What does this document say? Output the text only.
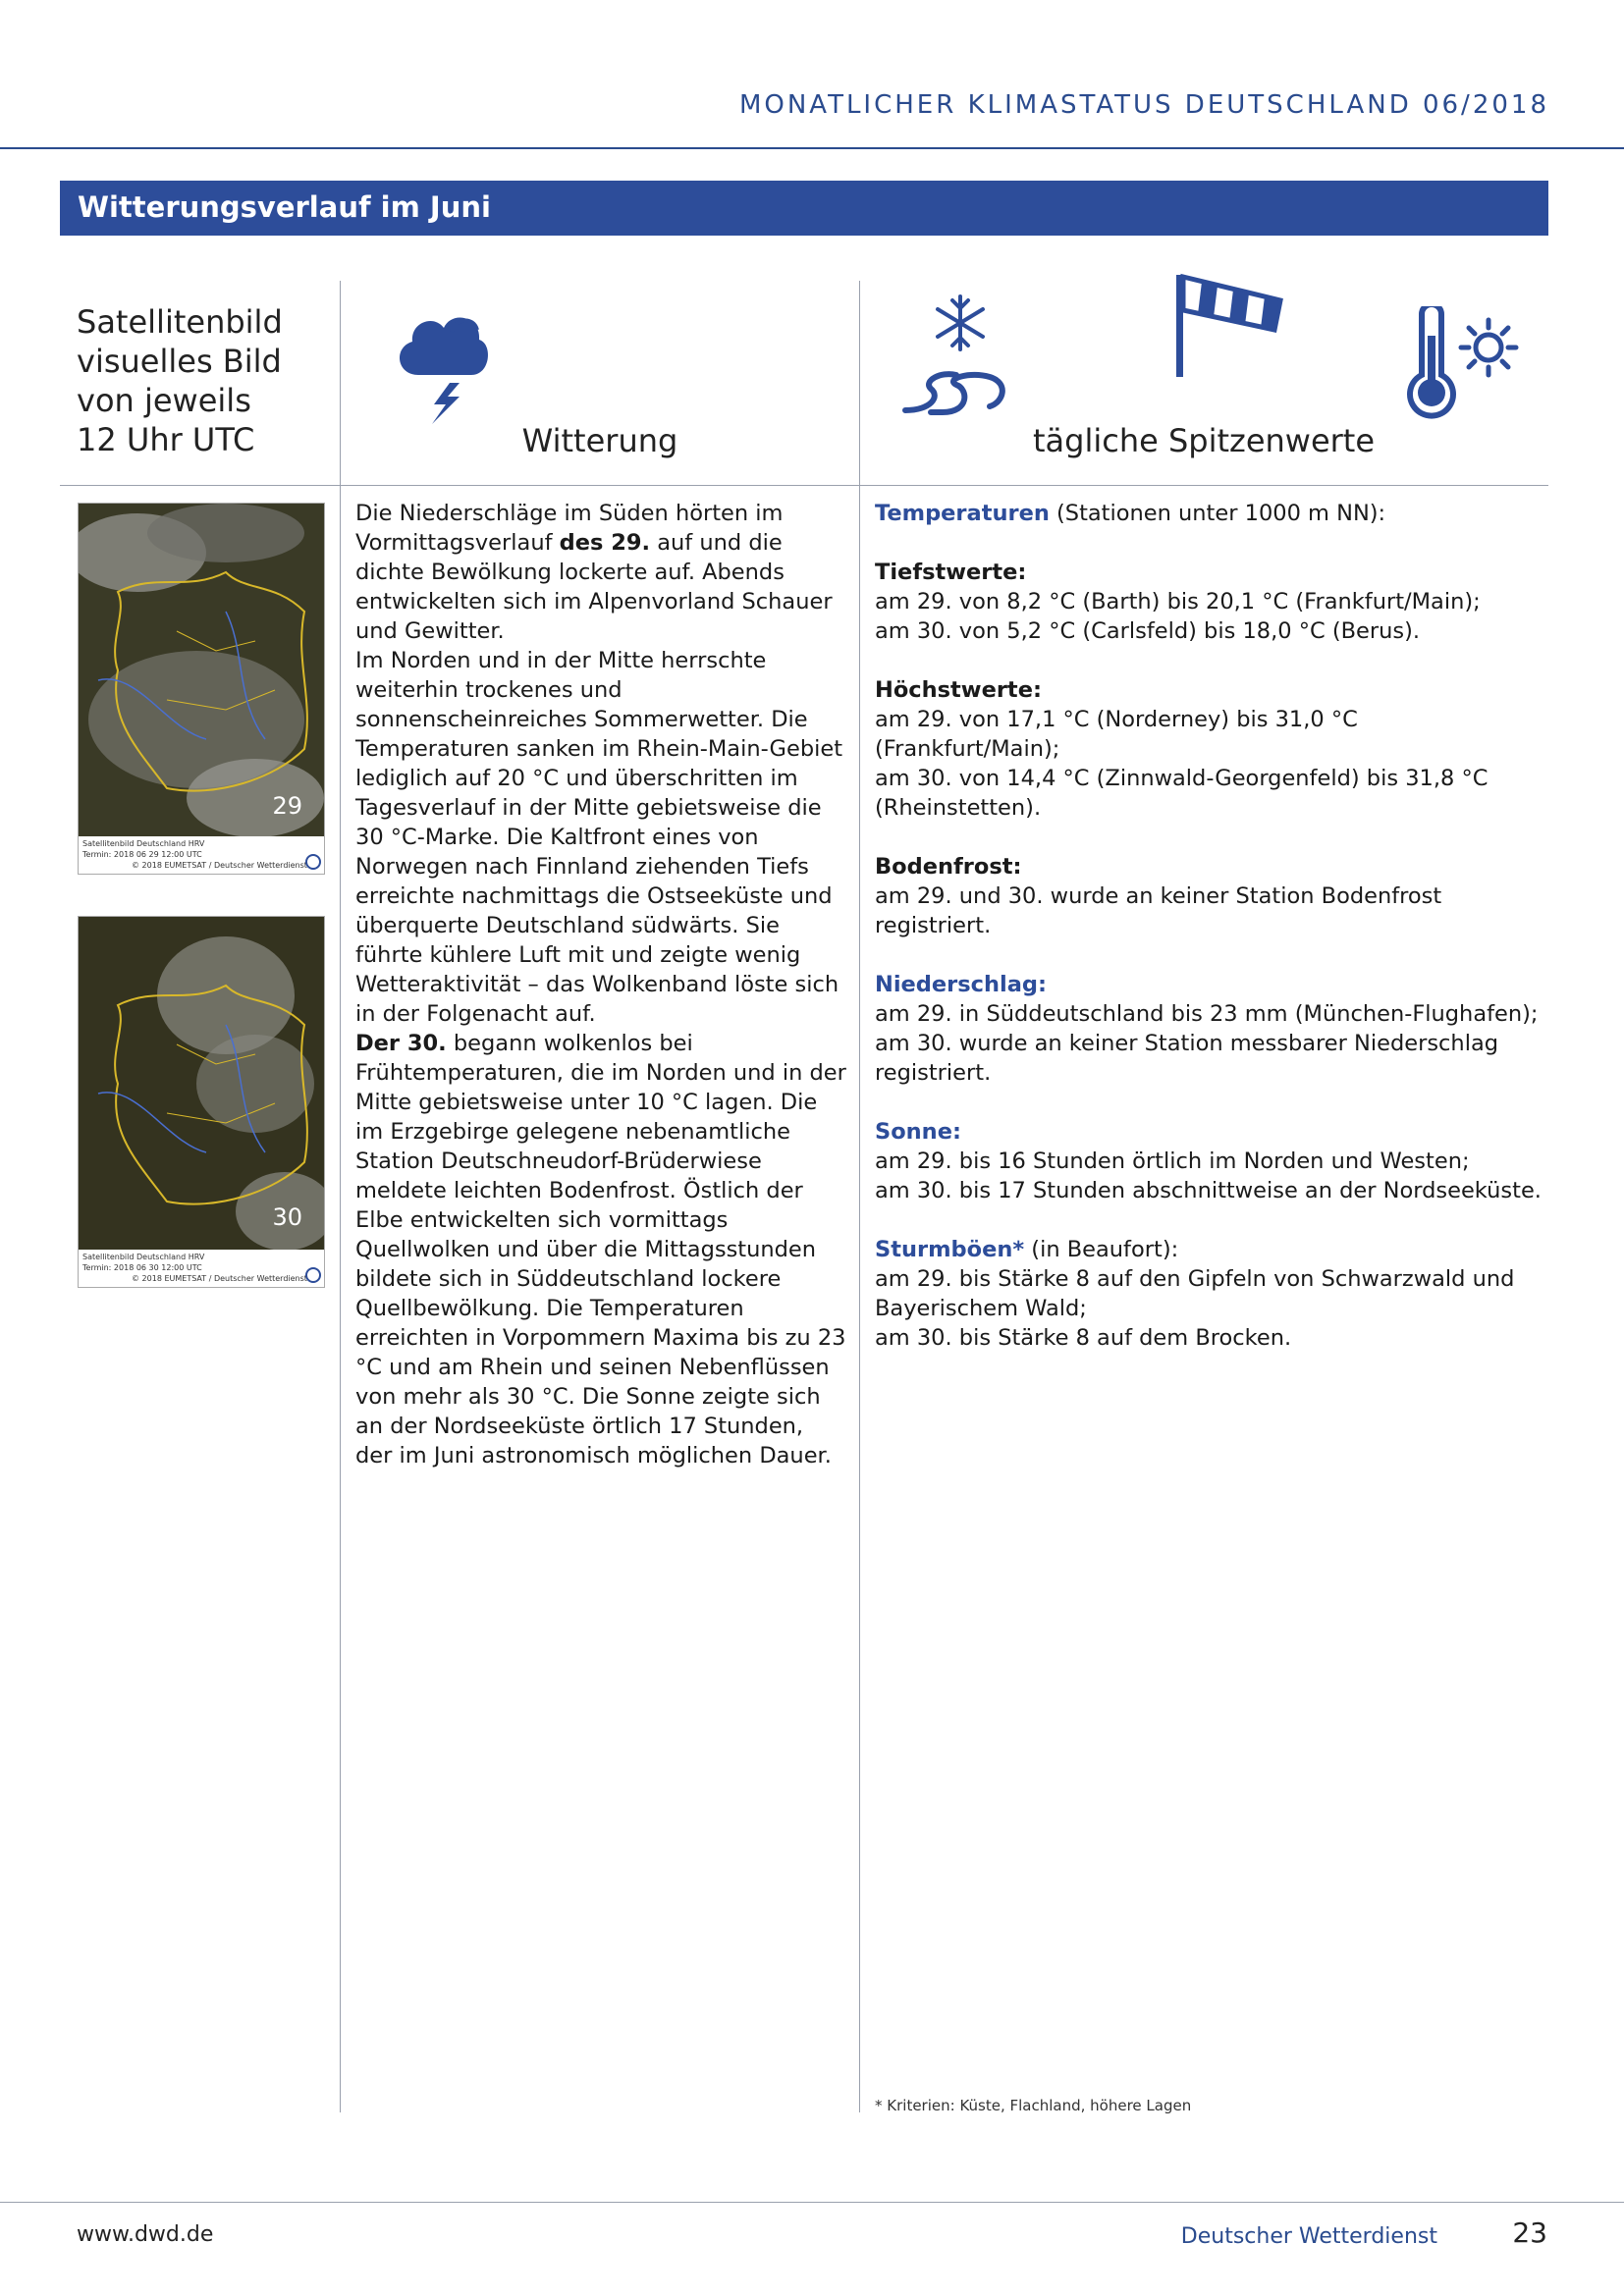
MONATLICHER KLIMASTATUS DEUTSCHLAND 06/2018
Witterungsverlauf im Juni
Satellitenbild
visuelles Bild
von jeweils
12 Uhr UTC	Witterung	tägliche Spitzenwerte
29
Satellitenbild Deutschland HRV
Termin: 2018 06 29 12:00 UTC
© 2018 EUMETSAT / Deutscher Wetterdienst
30
Satellitenbild Deutschland HRV
Termin: 2018 06 30 12:00 UTC
© 2018 EUMETSAT / Deutscher Wetterdienst
Die Niederschläge im Süden hörten im Vormittagsverlauf des 29. auf und die dichte Bewölkung lockerte auf. Abends entwickelten sich im Alpenvorland Schauer und Gewitter.
Im Norden und in der Mitte herrschte weiterhin trockenes und sonnenscheinreiches Sommerwetter. Die Temperaturen sanken im Rhein-Main-Gebiet lediglich auf 20 °C und überschritten im Tagesverlauf in der Mitte gebietsweise die 30 °C-Marke. Die Kaltfront eines von Norwegen nach Finnland ziehenden Tiefs erreichte nachmittags die Ostseeküste und überquerte Deutschland südwärts. Sie führte kühlere Luft mit und zeigte wenig Wetteraktivität – das Wolkenband löste sich in der Folgenacht auf.
Der 30. begann wolkenlos bei Frühtemperaturen, die im Norden und in der Mitte gebietsweise unter 10 °C lagen. Die im Erzgebirge gelegene nebenamtliche Station Deutschneudorf-Brüderwiese meldete leichten Bodenfrost. Östlich der Elbe entwickelten sich vormittags Quellwolken und über die Mittagsstunden bildete sich in Süddeutschland lockere Quellbewölkung. Die Temperaturen erreichten in Vorpommern Maxima bis zu 23 °C und am Rhein und seinen Nebenflüssen von mehr als 30 °C. Die Sonne zeigte sich an der Nordseeküste örtlich 17 Stunden, der im Juni astronomisch möglichen Dauer.

Temperaturen (Stationen unter 1000 m NN):

Tiefstwerte:

am 29. von 8,2 °C (Barth) bis 20,1 °C (Frankfurt/Main);

am 30. von 5,2 °C (Carlsfeld) bis 18,0 °C (Berus).

Höchstwerte:

am 29. von 17,1 °C (Norderney) bis 31,0 °C (Frankfurt/Main);

am 30. von 14,4 °C (Zinnwald-Georgenfeld) bis 31,8 °C (Rheinstetten).

Bodenfrost:

am 29. und 30. wurde an keiner Station Bodenfrost registriert.

Niederschlag:

am 29. in Süddeutschland bis 23 mm (München-Flughafen);

am 30. wurde an keiner Station messbarer Niederschlag registriert.

Sonne:

am 29. bis 16 Stunden örtlich im Norden und Westen;

am 30. bis 17 Stunden abschnittweise an der Nordseeküste.

Sturmböen* (in Beaufort):

am 29. bis Stärke 8 auf den Gipfeln von Schwarzwald und Bayerischem Wald;

am 30. bis Stärke 8 auf dem Brocken.

* Kriterien: Küste, Flachland, höhere Lagen
www.dwd.de	Deutscher Wetterdienst	23
